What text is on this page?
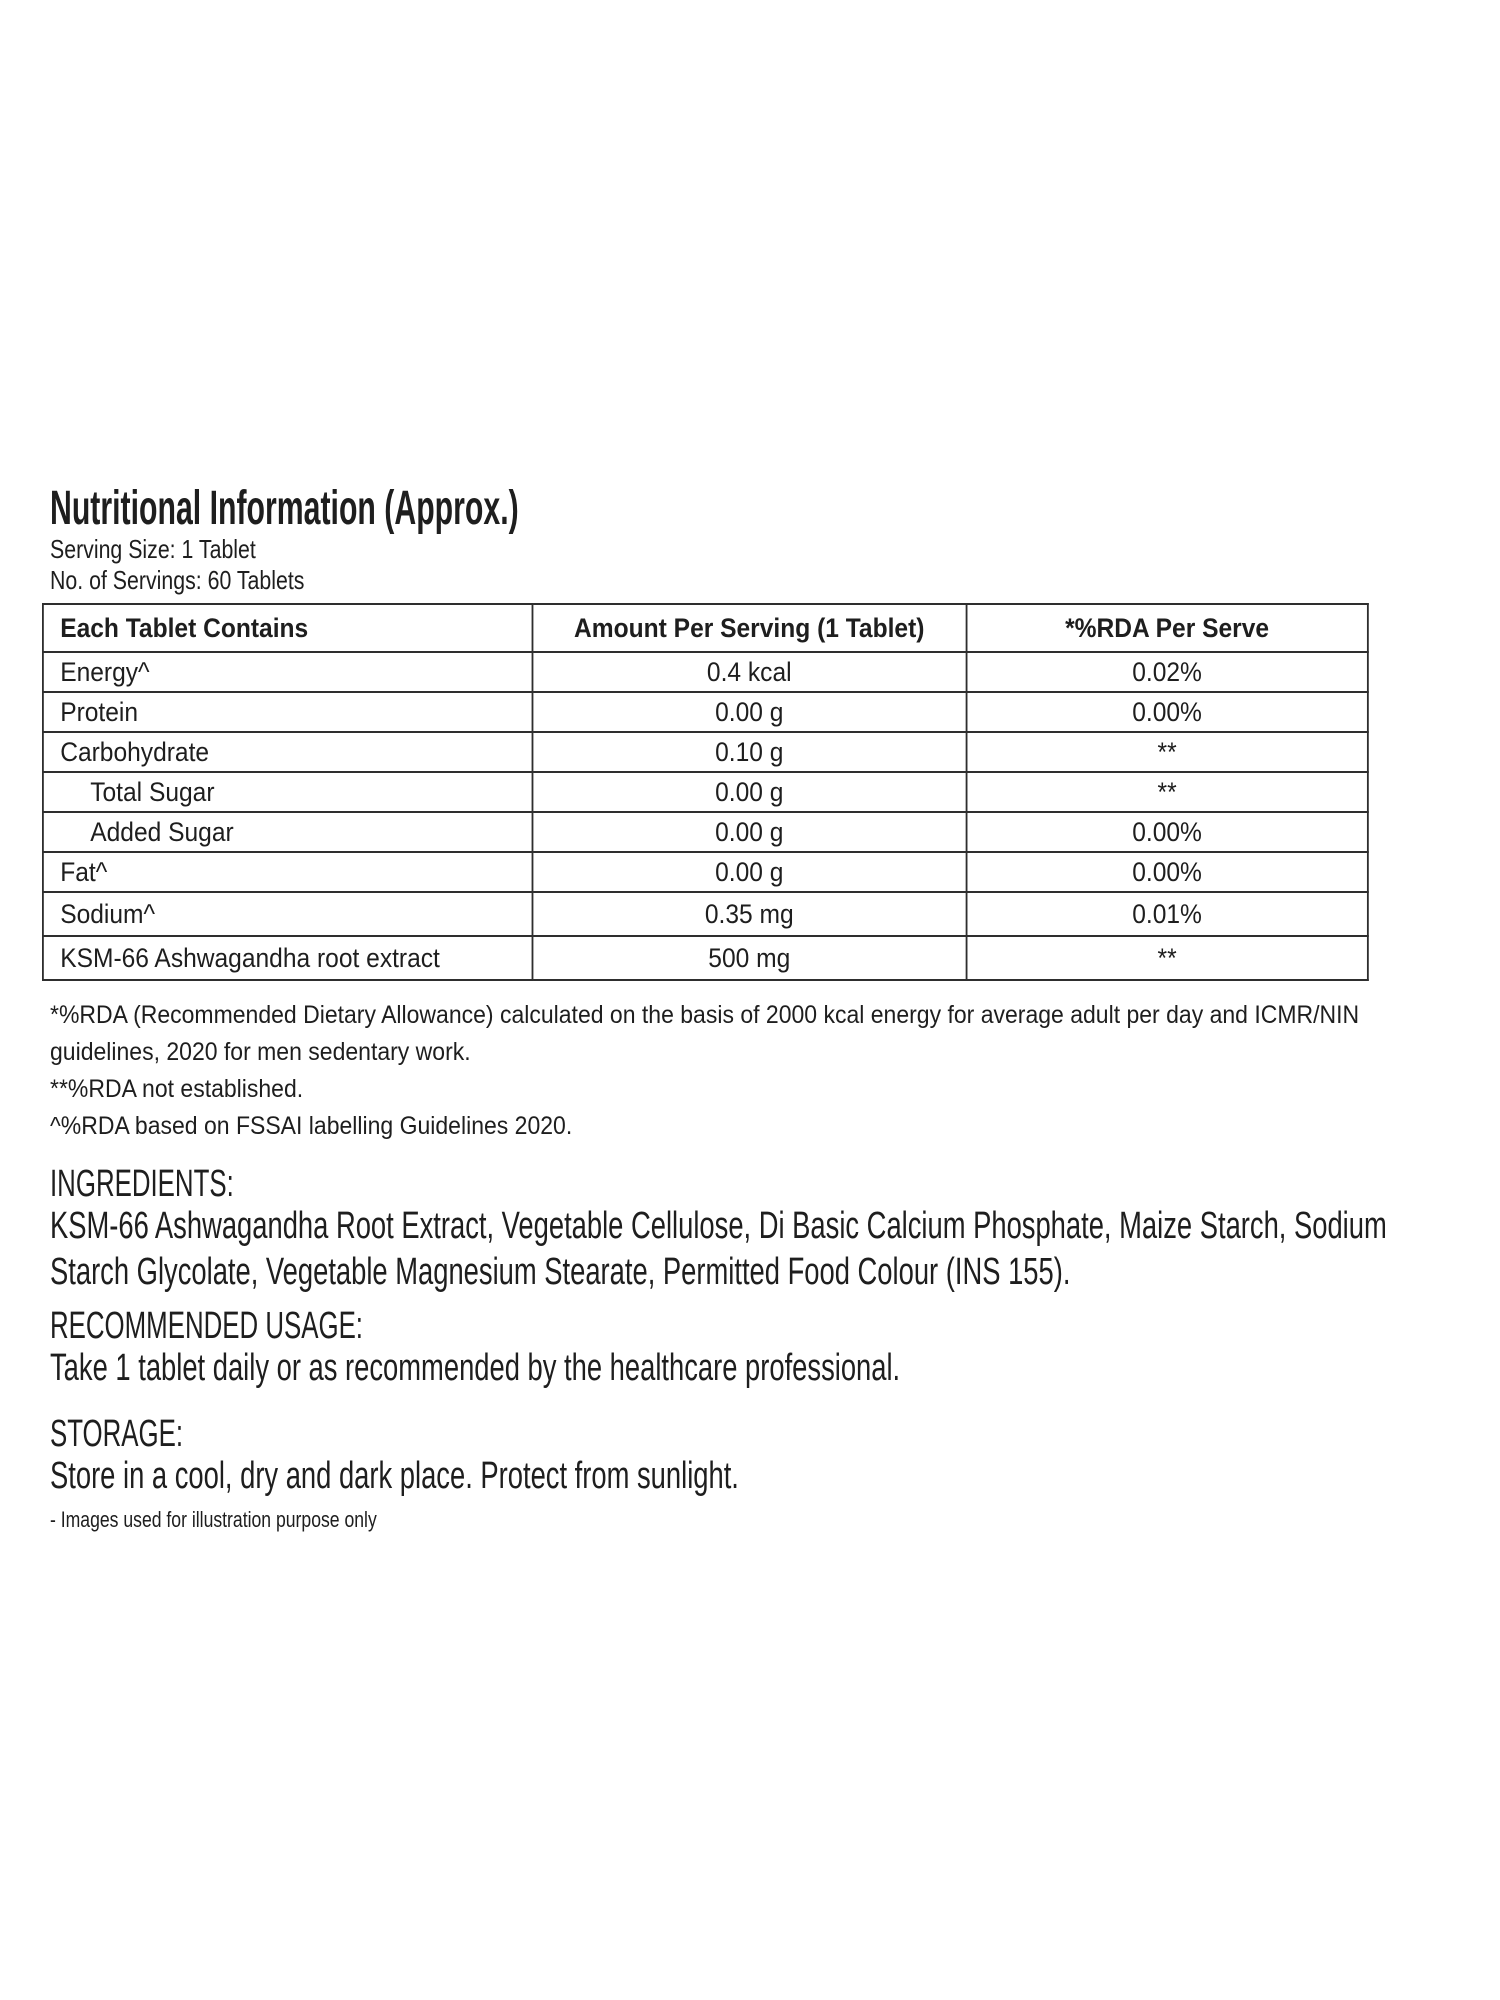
Nutritional Information (Approx.)
Serving Size: 1 Tablet
No. of Servings: 60 Tablets
Each Tablet Contains	Amount Per Serving (1 Tablet)	*%RDA Per Serve
Energy^	0.4 kcal	0.02%
Protein	0.00 g	0.00%
Carbohydrate	0.10 g	**
Total Sugar	0.00 g	**
Added Sugar	0.00 g	0.00%
Fat^	0.00 g	0.00%
Sodium^	0.35 mg	0.01%
KSM-66 Ashwagandha root extract	500 mg	**
*%RDA (Recommended Dietary Allowance) calculated on the basis of 2000 kcal energy for average adult per day and ICMR/NIN
guidelines, 2020 for men sedentary work.
**%RDA not established.
^%RDA based on FSSAI labelling Guidelines 2020.
INGREDIENTS:
KSM-66 Ashwagandha Root Extract, Vegetable Cellulose, Di Basic Calcium Phosphate, Maize Starch, Sodium
Starch Glycolate, Vegetable Magnesium Stearate, Permitted Food Colour (INS 155).
RECOMMENDED USAGE:
Take 1 tablet daily or as recommended by the healthcare professional.
STORAGE:
Store in a cool, dry and dark place. Protect from sunlight.
- Images used for illustration purpose only
